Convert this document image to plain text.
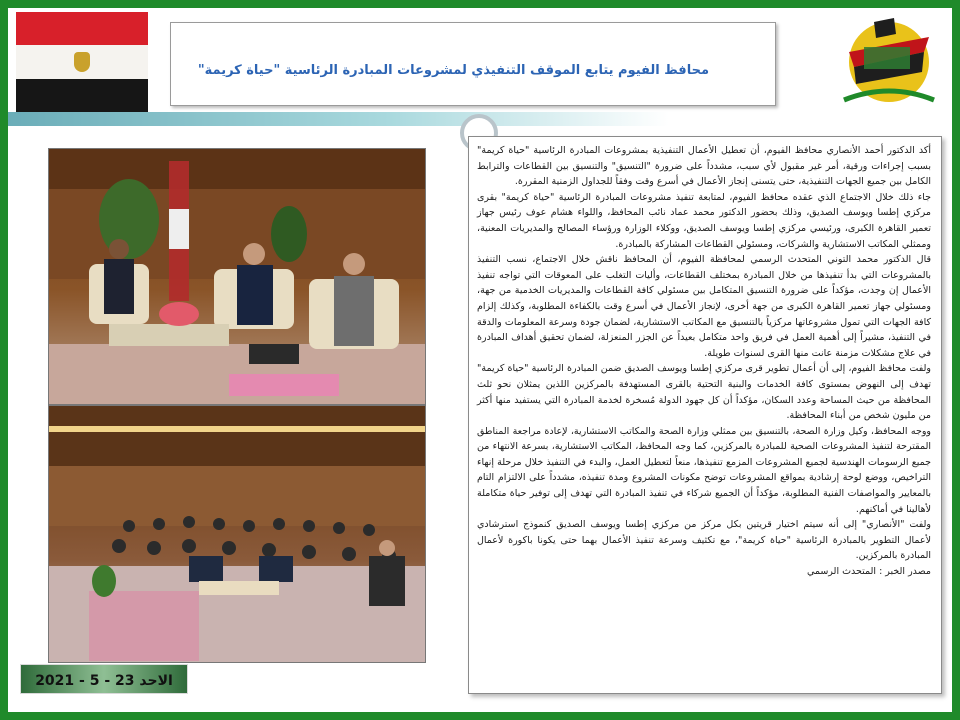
محافظ الفيوم يتابع الموقف التنفيذي لمشروعات المبادرة الرئاسية "حياة كريمة"

أكد الدكتور أحمد الأنصاري محافظ الفيوم، أن تعطيل الأعمال التنفيذية بمشروعات المبادرة الرئاسية "حياة كريمة" بسبب إجراءات ورقية، أمر غير مقبول لأي سبب، مشدداً على ضرورة "التنسيق" والتنسيق بين القطاعات والترابط الكامل بين جميع الجهات التنفيذية، حتى يتسنى إنجاز الأعمال في أسرع وقت وفقاً للجداول الزمنية المقررة.

جاء ذلك خلال الاجتماع الذي عقده محافظ الفيوم، لمتابعة تنفيذ مشروعات المبادرة الرئاسية "حياة كريمة" بقرى مركزي إطسا ويوسف الصديق، وذلك بحضور الدكتور محمد عماد نائب المحافظ، واللواء هشام عوف رئيس جهاز تعمير القاهرة الكبرى، ورئيسي مركزي إطسا ويوسف الصديق، ووكلاء الوزارة ورؤساء المصالح والمديريات المعنية، وممثلي المكاتب الاستشارية والشركات، ومسئولي القطاعات المشاركة بالمبادرة.

قال الدكتور محمد التوني المتحدث الرسمي لمحافظة الفيوم، أن المحافظ ناقش خلال الاجتماع، نسب التنفيذ بالمشروعات التي بدأ تنفيذها من خلال المبادرة بمختلف القطاعات، وأليات التغلب على المعوقات التي تواجه تنفيذ الأعمال إن وجدت، مؤكداً على ضرورة التنسيق المتكامل بين مسئولي كافة القطاعات والمديريات الخدمية من جهة، ومسئولي جهاز تعمير القاهرة الكبرى من جهة أخرى، لإنجاز الأعمال في أسرع وقت بالكفاءة المطلوبة، وكذلك إلزام كافة الجهات التي تمول مشروعاتها مركزياً بالتنسيق مع المكاتب الاستشارية، لضمان جودة وسرعة المعلومات والدقة في التنفيذ، مشيراً إلى أهمية العمل في فريق واحد متكامل بعيداً عن الجزر المنعزلة، لضمان تحقيق أهداف المبادرة في علاج مشكلات مزمنة عانت منها القرى لسنوات طويلة.

ولفت محافظ الفيوم، إلى أن أعمال تطوير قرى مركزي إطسا ويوسف الصديق ضمن المبادرة الرئاسية "حياة كريمة" تهدف إلى النهوض بمستوى كافة الخدمات والبنية التحتية بالقرى المستهدفة بالمركزين اللذين يمثلان نحو ثلث المحافظة من حيث المساحة وعدد السكان، مؤكداً أن كل جهود الدولة مُسخرة لخدمة المبادرة التي يستفيد منها أكثر من مليون شخص من أبناء المحافظة.

ووجه المحافظ، وكيل وزارة الصحة، بالتنسيق بين ممثلي وزارة الصحة والمكاتب الاستشارية، لإعادة مراجعة المناطق المقترحة لتنفيذ المشروعات الصحية للمبادرة بالمركزين، كما وجه المحافظ، المكاتب الاستشارية، بسرعة الانتهاء من جميع الرسومات الهندسية لجميع المشروعات المزمع تنفيذها، منعاً لتعطيل العمل، والبدء في التنفيذ خلال مرحلة إنهاء التراخيص، ووضع لوحة إرشادية بمواقع المشروعات توضح مكونات المشروع ومدة تنفيذه، مشدداً على الالتزام التام بالمعايير والمواصفات الفنية المطلوبة، مؤكداً أن الجميع شركاء في تنفيذ المبادرة التي تهدف إلى توفير حياة متكاملة لأهالينا في أماكنهم.

ولفت "الأنصاري" إلى أنه سيتم اختيار قريتين بكل مركز من مركزي إطسا ويوسف الصديق كنموذج استرشادي لأعمال التطوير بالمبادرة الرئاسية "حياة كريمة"، مع تكثيف وسرعة تنفيذ الأعمال بهما حتى يكونا باكورة لأعمال المبادرة بالمركزين.

مصدر الخبر : المتحدث الرسمي

الاحد 23 - 5 - 2021
